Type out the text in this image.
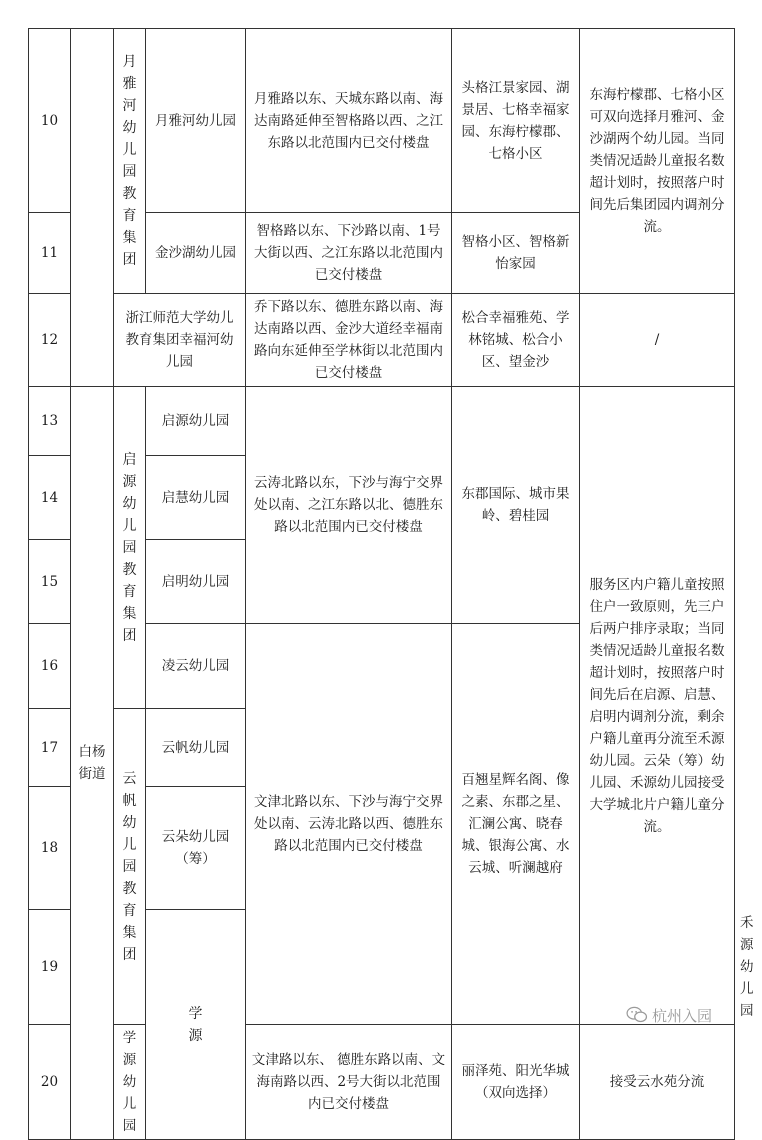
10		月雅河幼儿园教育集团	月雅河幼儿园	月雅路以东、天城东路以南、海达南路延伸至智格路以西、之江东路以北范围内已交付楼盘	头格江景家园、湖景居、七格幸福家园、东海柠檬郡、七格小区	东海柠檬郡、七格小区可双向选择月雅河、金沙湖两个幼儿园。当同类情况适龄儿童报名数超计划时，按照落户时间先后集团园内调剂分流。	
11			金沙湖幼儿园	智格路以东、下沙路以南、1号大街以西、之江东路以北范围内已交付楼盘	智格小区、智格新怡家园		
12		浙江师范大学幼儿教育集团幸福河幼儿园		乔下路以东、德胜东路以南、海达南路以西、金沙大道经幸福南路向东延伸至学林街以北范围内已交付楼盘	松合幸福雅苑、学林铭城、松合小区、望金沙	/	
13	白杨街道	启源幼儿园教育集团	启源幼儿园	云涛北路以东，下沙与海宁交界处以南、之江东路以北、德胜东路以北范围内已交付楼盘	东郡国际、城市果岭、碧桂园	服务区内户籍儿童按照住户一致原则，先三户后两户排序录取；当同类情况适龄儿童报名数超计划时，按照落户时间先后在启源、启慧、启明内调剂分流，剩余户籍儿童再分流至禾源幼儿园。云朵（筹）幼儿园、禾源幼儿园接受大学城北片户籍儿童分流。	
14			启慧幼儿园				
15			启明幼儿园				
16			凌云幼儿园	文津北路以东、下沙与海宁交界处以南、云涛北路以西、德胜东路以北范围内已交付楼盘	百翘星辉名阁、像之素、东郡之星、汇澜公寓、晓春城、银海公寓、水云城、听澜越府		
17		云帆幼儿园教育集团	云帆幼儿园				
18			云朵幼儿园（筹）				
19			学源				禾源幼儿园
20		学源幼儿园		文津路以东、 德胜东路以南、文海南路以西、2号大街以北范围内已交付楼盘	丽泽苑、阳光华城（双向选择）	接受云水苑分流	
杭州入园
